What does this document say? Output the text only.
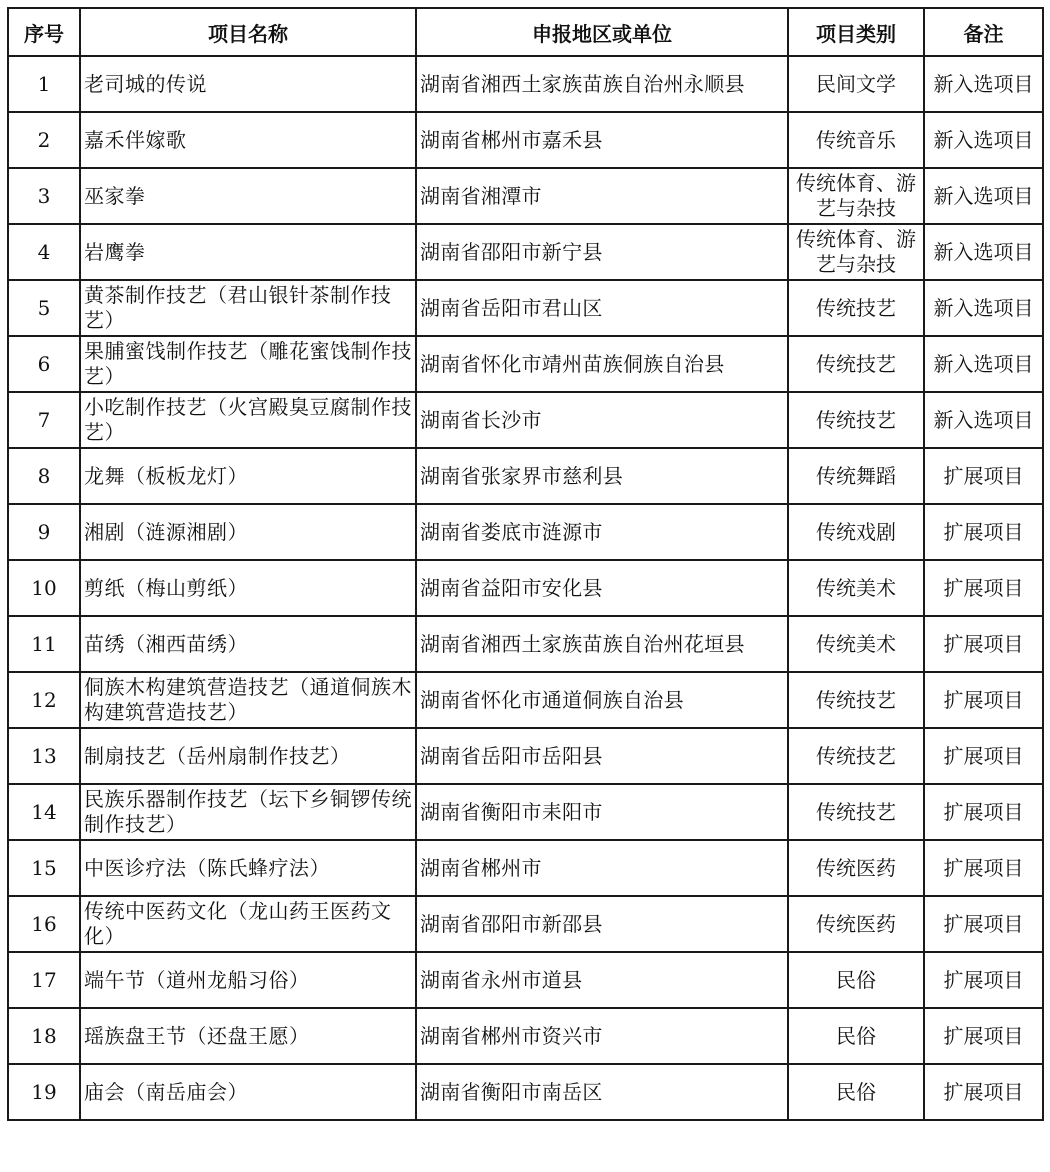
序号	项目名称	申报地区或单位	项目类别	备注
1	老司城的传说	湖南省湘西土家族苗族自治州永顺县	民间文学	新入选项目
2	嘉禾伴嫁歌	湖南省郴州市嘉禾县	传统音乐	新入选项目
3	巫家拳	湖南省湘潭市	传统体育、游艺与杂技	新入选项目
4	岩鹰拳	湖南省邵阳市新宁县	传统体育、游艺与杂技	新入选项目
5	黄茶制作技艺（君山银针茶制作技艺）	湖南省岳阳市君山区	传统技艺	新入选项目
6	果脯蜜饯制作技艺（雕花蜜饯制作技艺）	湖南省怀化市靖州苗族侗族自治县	传统技艺	新入选项目
7	小吃制作技艺（火宫殿臭豆腐制作技艺）	湖南省长沙市	传统技艺	新入选项目
8	龙舞（板板龙灯）	湖南省张家界市慈利县	传统舞蹈	扩展项目
9	湘剧（涟源湘剧）	湖南省娄底市涟源市	传统戏剧	扩展项目
10	剪纸（梅山剪纸）	湖南省益阳市安化县	传统美术	扩展项目
11	苗绣（湘西苗绣）	湖南省湘西土家族苗族自治州花垣县	传统美术	扩展项目
12	侗族木构建筑营造技艺（通道侗族木构建筑营造技艺）	湖南省怀化市通道侗族自治县	传统技艺	扩展项目
13	制扇技艺（岳州扇制作技艺）	湖南省岳阳市岳阳县	传统技艺	扩展项目
14	民族乐器制作技艺（坛下乡铜锣传统制作技艺）	湖南省衡阳市耒阳市	传统技艺	扩展项目
15	中医诊疗法（陈氏蜂疗法）	湖南省郴州市	传统医药	扩展项目
16	传统中医药文化（龙山药王医药文化）	湖南省邵阳市新邵县	传统医药	扩展项目
17	端午节（道州龙船习俗）	湖南省永州市道县	民俗	扩展项目
18	瑶族盘王节（还盘王愿）	湖南省郴州市资兴市	民俗	扩展项目
19	庙会（南岳庙会）	湖南省衡阳市南岳区	民俗	扩展项目
